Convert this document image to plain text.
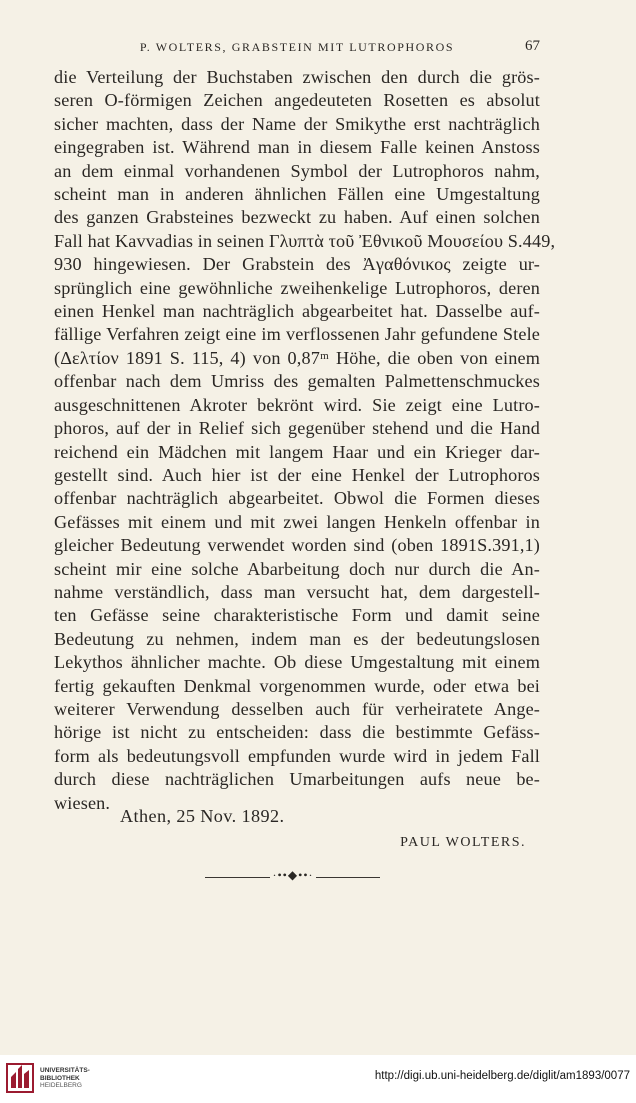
P. WOLTERS, GRABSTEIN MIT LUTROPHOROS	67

die Verteilung der Buchstaben zwischen den durch die grös-
seren O-förmigen Zeichen angedeuteten Rosetten es absolut
sicher machten, dass der Name der Smikythe erst nachträglich
eingegraben ist. Während man in diesem Falle keinen Anstoss
an dem einmal vorhandenen Symbol der Lutrophoros nahm,
scheint man in anderen ähnlichen Fällen eine Umgestaltung
des ganzen Grabsteines bezweckt zu haben. Auf einen solchen
Fall hat Kavvadias in seinen Γλυπτὰ τοῦ Ἐθνικοῦ Μουσείου S.449,
930 hingewiesen. Der Grabstein des Ἀγαθόνικος zeigte ur-
sprünglich eine gewöhnliche zweihenkelige Lutrophoros, deren
einen Henkel man nachträglich abgearbeitet hat. Dasselbe auf-
fällige Verfahren zeigt eine im verflossenen Jahr gefundene Stele
(Δελτίον 1891 S. 115, 4) von 0,87ᵐ Höhe, die oben von einem
offenbar nach dem Umriss des gemalten Palmettenschmuckes
ausgeschnittenen Akroter bekrönt wird. Sie zeigt eine Lutro-
phoros, auf der in Relief sich gegenüber stehend und die Hand
reichend ein Mädchen mit langem Haar und ein Krieger dar-
gestellt sind. Auch hier ist der eine Henkel der Lutrophoros
offenbar nachträglich abgearbeitet. Obwol die Formen dieses
Gefässes mit einem und mit zwei langen Henkeln offenbar in
gleicher Bedeutung verwendet worden sind (oben 1891S.391,1)
scheint mir eine solche Abarbeitung doch nur durch die An-
nahme verständlich, dass man versucht hat, dem dargestell-
ten Gefässe seine charakteristische Form und damit seine
Bedeutung zu nehmen, indem man es der bedeutungslosen
Lekythos ähnlicher machte. Ob diese Umgestaltung mit einem
fertig gekauften Denkmal vorgenommen wurde, oder etwa bei
weiterer Verwendung desselben auch für verheiratete Ange-
hörige ist nicht zu entscheiden: dass die bestimmte Gefäss-
form als bedeutungsvoll empfunden wurde wird in jedem Fall
durch diese nachträglichen Umarbeitungen aufs neue be-
wiesen.

Athen, 25 Nov. 1892.
PAUL WOLTERS.
·••◆••·
UNIVERSITÄTS-
BIBLIOTHEK
HEIDELBERG
http://digi.ub.uni-heidelberg.de/diglit/am1893/0077
